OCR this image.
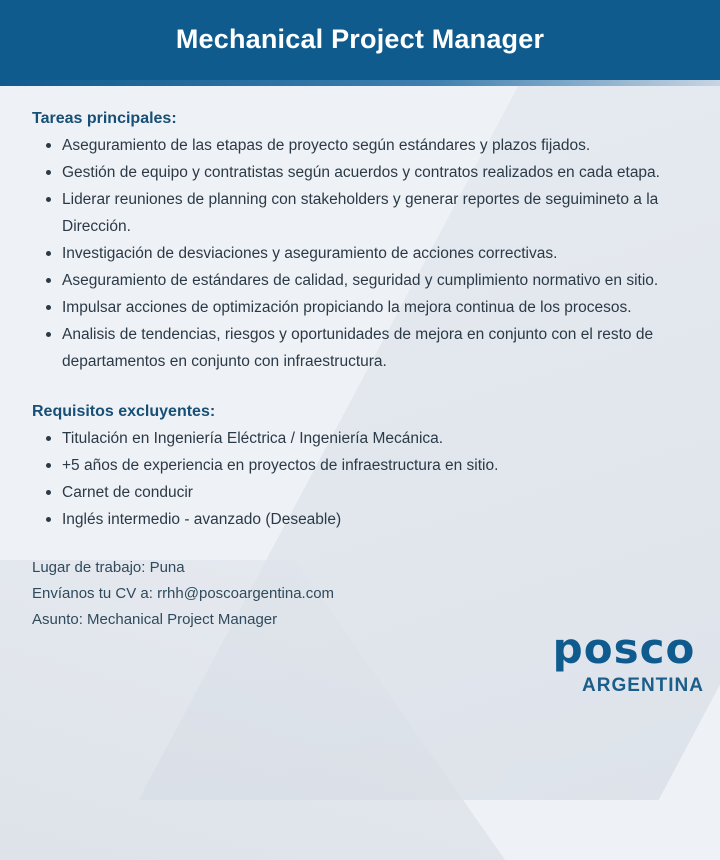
Mechanical Project Manager
Tareas principales:
Aseguramiento de las etapas de proyecto según estándares y plazos fijados.
Gestión de equipo y contratistas según acuerdos y contratos realizados en cada etapa.
Liderar reuniones de planning con stakeholders y generar reportes de seguimineto a la Dirección.
Investigación de desviaciones y aseguramiento de acciones correctivas.
Aseguramiento de estándares de calidad, seguridad y cumplimiento normativo en sitio.
Impulsar acciones de optimización propiciando la mejora continua de los procesos.
Analisis de tendencias, riesgos y oportunidades de mejora en conjunto con el resto de departamentos en conjunto con infraestructura.
Requisitos excluyentes:
Titulación en Ingeniería Eléctrica / Ingeniería Mecánica.
+5 años de experiencia en proyectos de infraestructura en sitio.
Carnet de conducir
Inglés intermedio - avanzado (Deseable)
Lugar de trabajo: Puna
Envíanos tu CV a: rrhh@poscoargentina.com
Asunto: Mechanical Project Manager
posco
ARGENTINA
